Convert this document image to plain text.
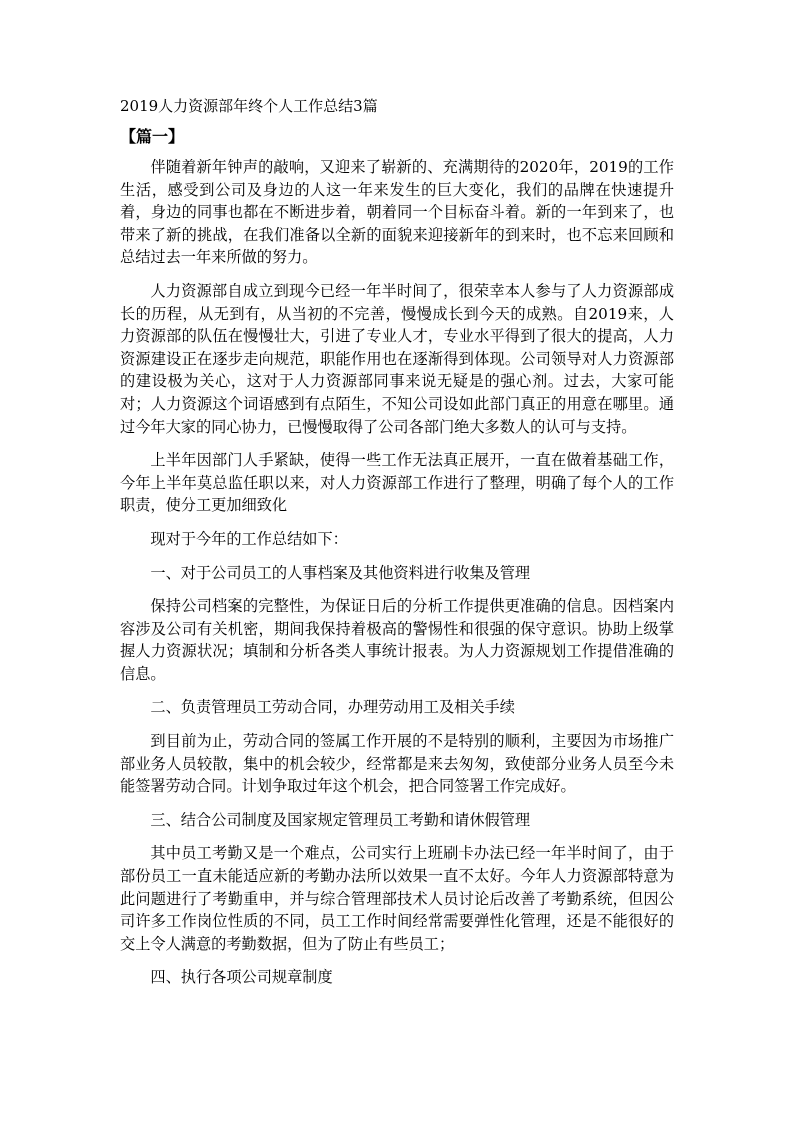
2019人力资源部年终个人工作总结3篇
【篇一】

伴随着新年钟声的敲响，又迎来了崭新的、充满期待的2020年，2019的工作生活，感受到公司及身边的人这一年来发生的巨大变化，我们的品牌在快速提升着，身边的同事也都在不断进步着，朝着同一个目标奋斗着。新的一年到来了，也带来了新的挑战，在我们准备以全新的面貌来迎接新年的到来时，也不忘来回顾和总结过去一年来所做的努力。

人力资源部自成立到现今已经一年半时间了，很荣幸本人参与了人力资源部成长的历程，从无到有，从当初的不完善，慢慢成长到今天的成熟。自2019来，人力资源部的队伍在慢慢壮大，引进了专业人才，专业水平得到了很大的提高，人力资源建设正在逐步走向规范，职能作用也在逐渐得到体现。公司领导对人力资源部的建设极为关心，这对于人力资源部同事来说无疑是的强心剂。过去，大家可能对；人力资源这个词语感到有点陌生，不知公司设如此部门真正的用意在哪里。通过今年大家的同心协力，已慢慢取得了公司各部门绝大多数人的认可与支持。

上半年因部门人手紧缺，使得一些工作无法真正展开，一直在做着基础工作，今年上半年莫总监任职以来，对人力资源部工作进行了整理，明确了每个人的工作职责，使分工更加细致化

现对于今年的工作总结如下：

一、对于公司员工的人事档案及其他资料进行收集及管理

保持公司档案的完整性，为保证日后的分析工作提供更准确的信息。因档案内容涉及公司有关机密，期间我保持着极高的警惕性和很强的保守意识。协助上级掌握人力资源状况；填制和分析各类人事统计报表。为人力资源规划工作提借准确的信息。

二、负责管理员工劳动合同，办理劳动用工及相关手续

到目前为止，劳动合同的签属工作开展的不是特别的顺利，主要因为市场推广部业务人员较散，集中的机会较少，经常都是来去匆匆，致使部分业务人员至今未能签署劳动合同。计划争取过年这个机会，把合同签署工作完成好。

三、结合公司制度及国家规定管理员工考勤和请休假管理

其中员工考勤又是一个难点，公司实行上班刷卡办法已经一年半时间了，由于部份员工一直未能适应新的考勤办法所以效果一直不太好。今年人力资源部特意为此问题进行了考勤重申，并与综合管理部技术人员讨论后改善了考勤系统，但因公司许多工作岗位性质的不同，员工工作时间经常需要弹性化管理，还是不能很好的交上令人满意的考勤数据，但为了防止有些员工；

四、执行各项公司规章制度
